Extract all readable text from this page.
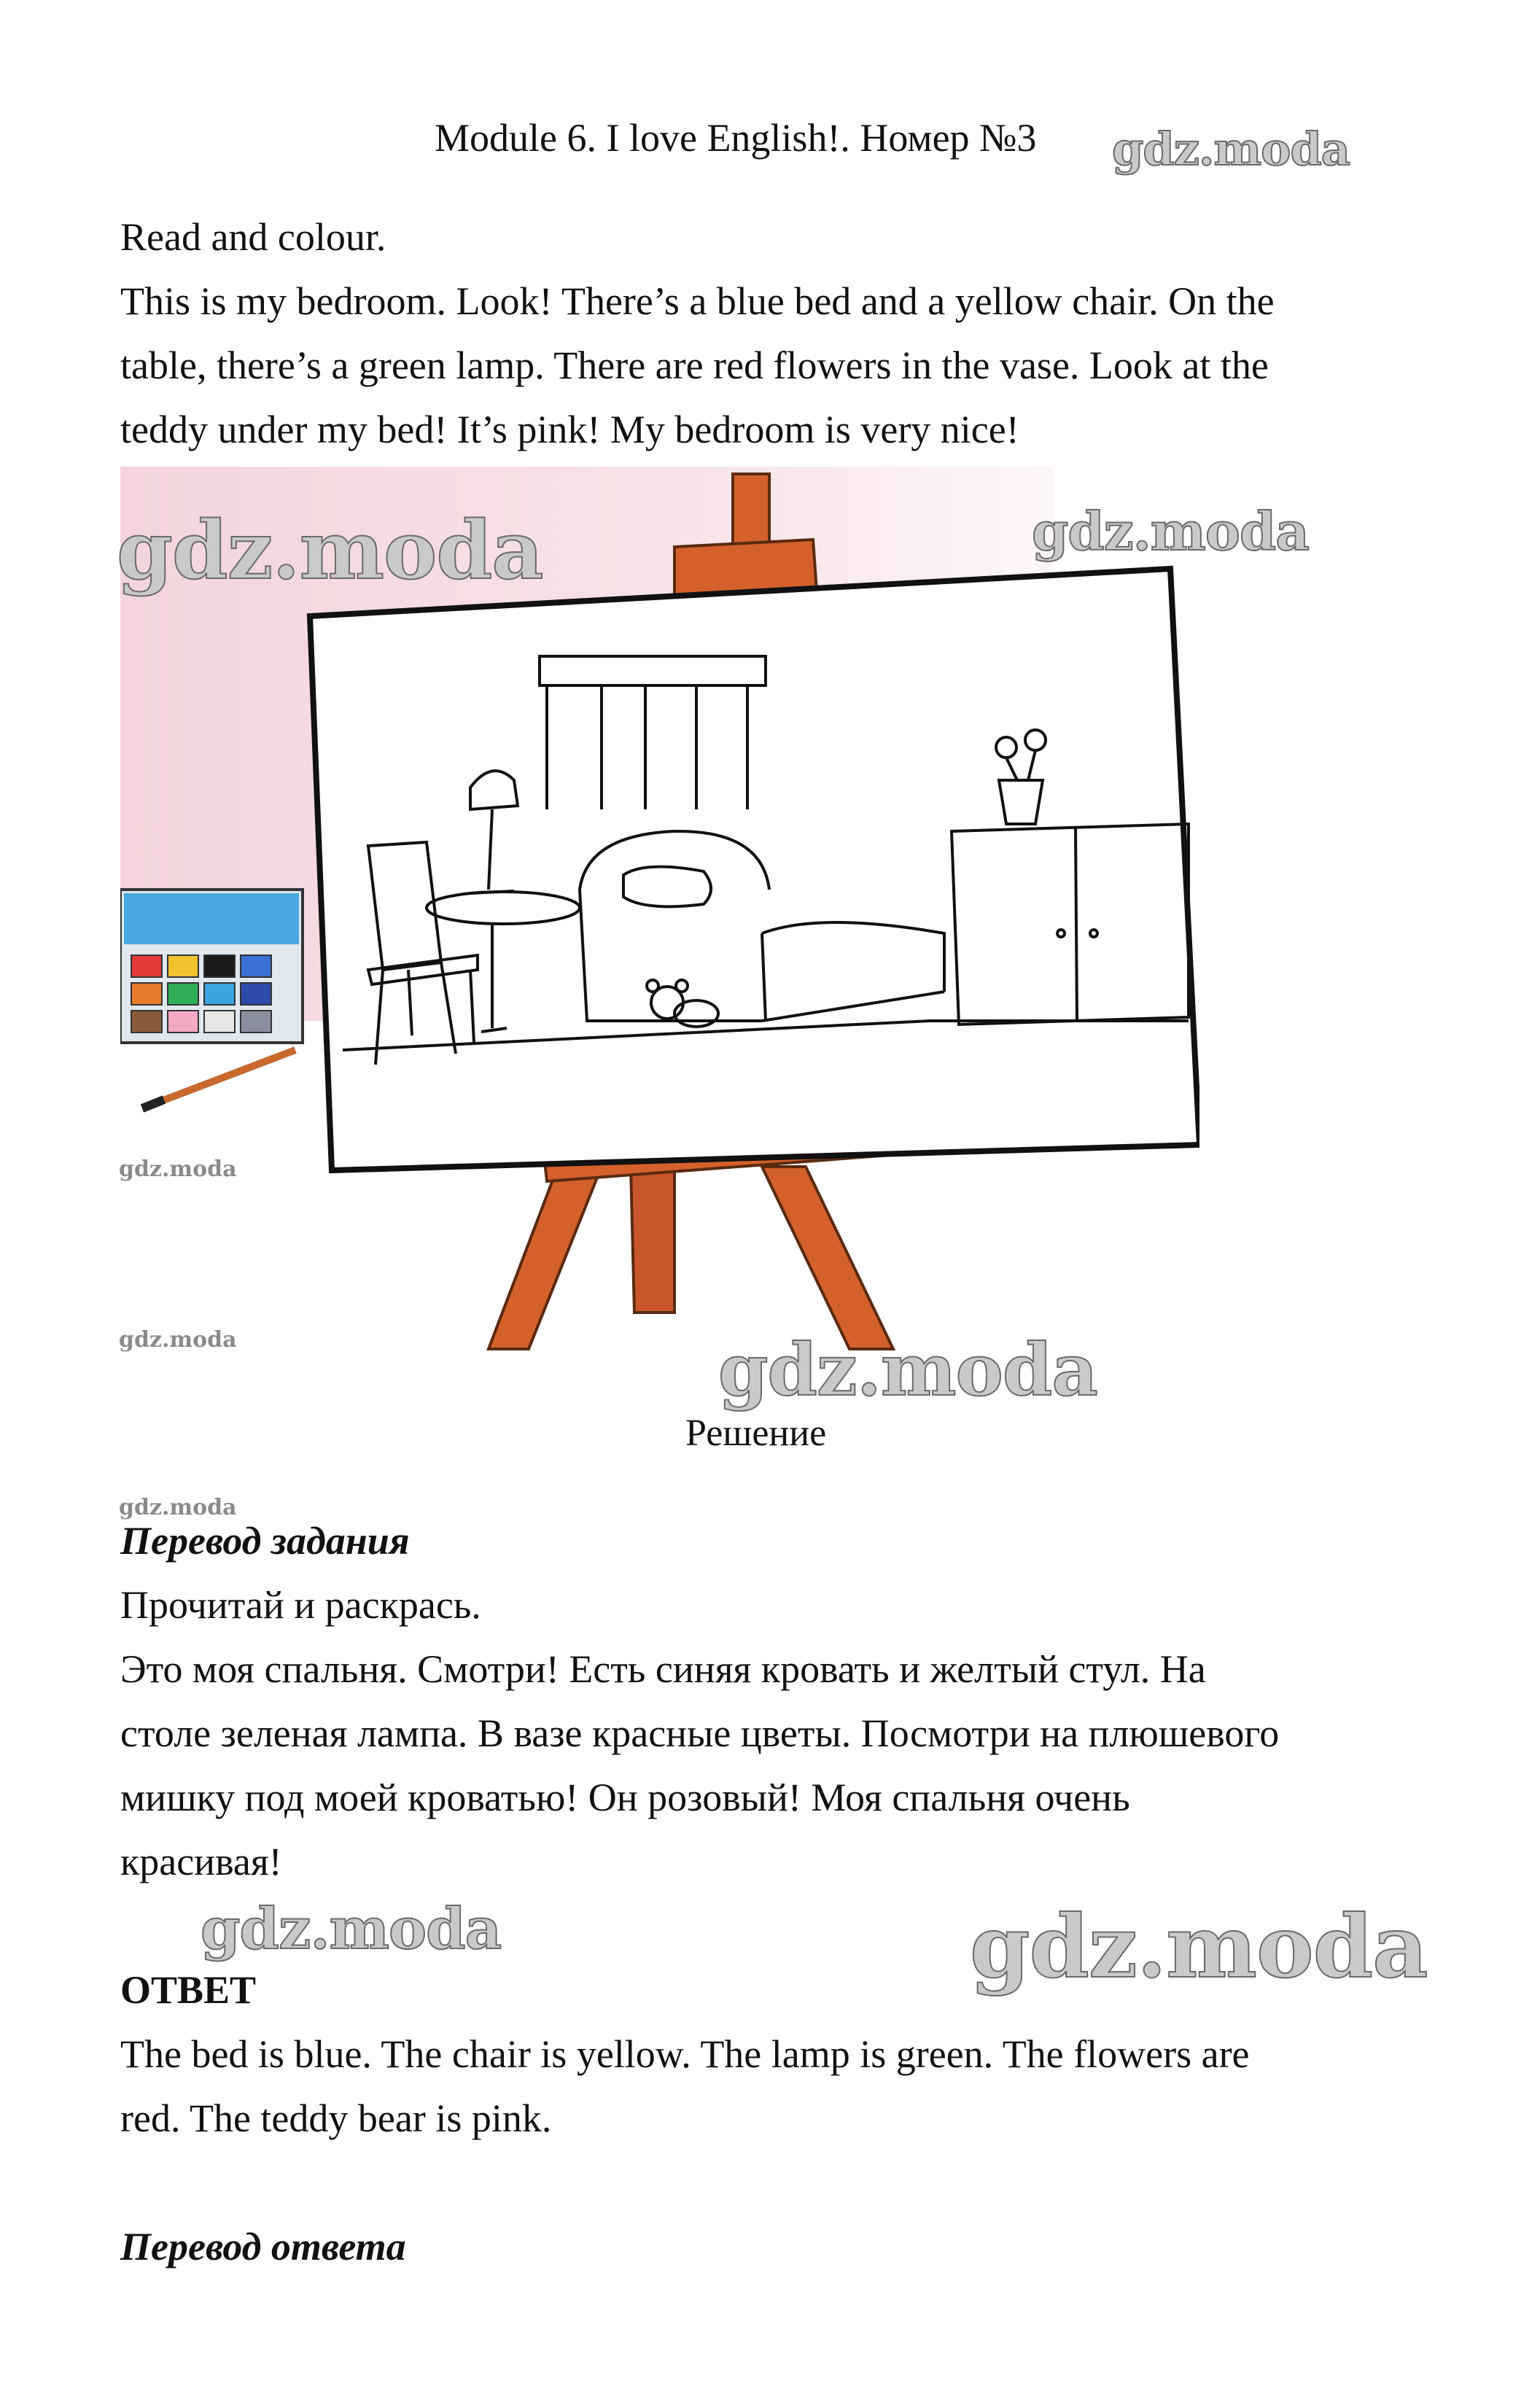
Module 6. I love English!. Номер №3 gdz.moda
Read and colour.
This is my bedroom. Look! There’s a blue bed and a yellow chair. On the
table, there’s a green lamp. There are red flowers in the vase. Look at the
teddy under my bed! It’s pink! My bedroom is very nice!
gdz.moda	gdz.moda
gdz.moda
gdz.moda	gdz.moda
Решение
gdz.moda
Перевод задания
Прочитай и раскрась.
Это моя спальня. Смотри! Есть синяя кровать и желтый стул. На
столе зеленая лампа. В вазе красные цветы. Посмотри на плюшевого
мишку под моей кроватью! Он розовый! Моя спальня очень
красивая!
gdz.moda	gdz.moda
ОТВЕТ
The bed is blue. The chair is yellow. The lamp is green. The flowers are
red. The teddy bear is pink.
Перевод ответа
